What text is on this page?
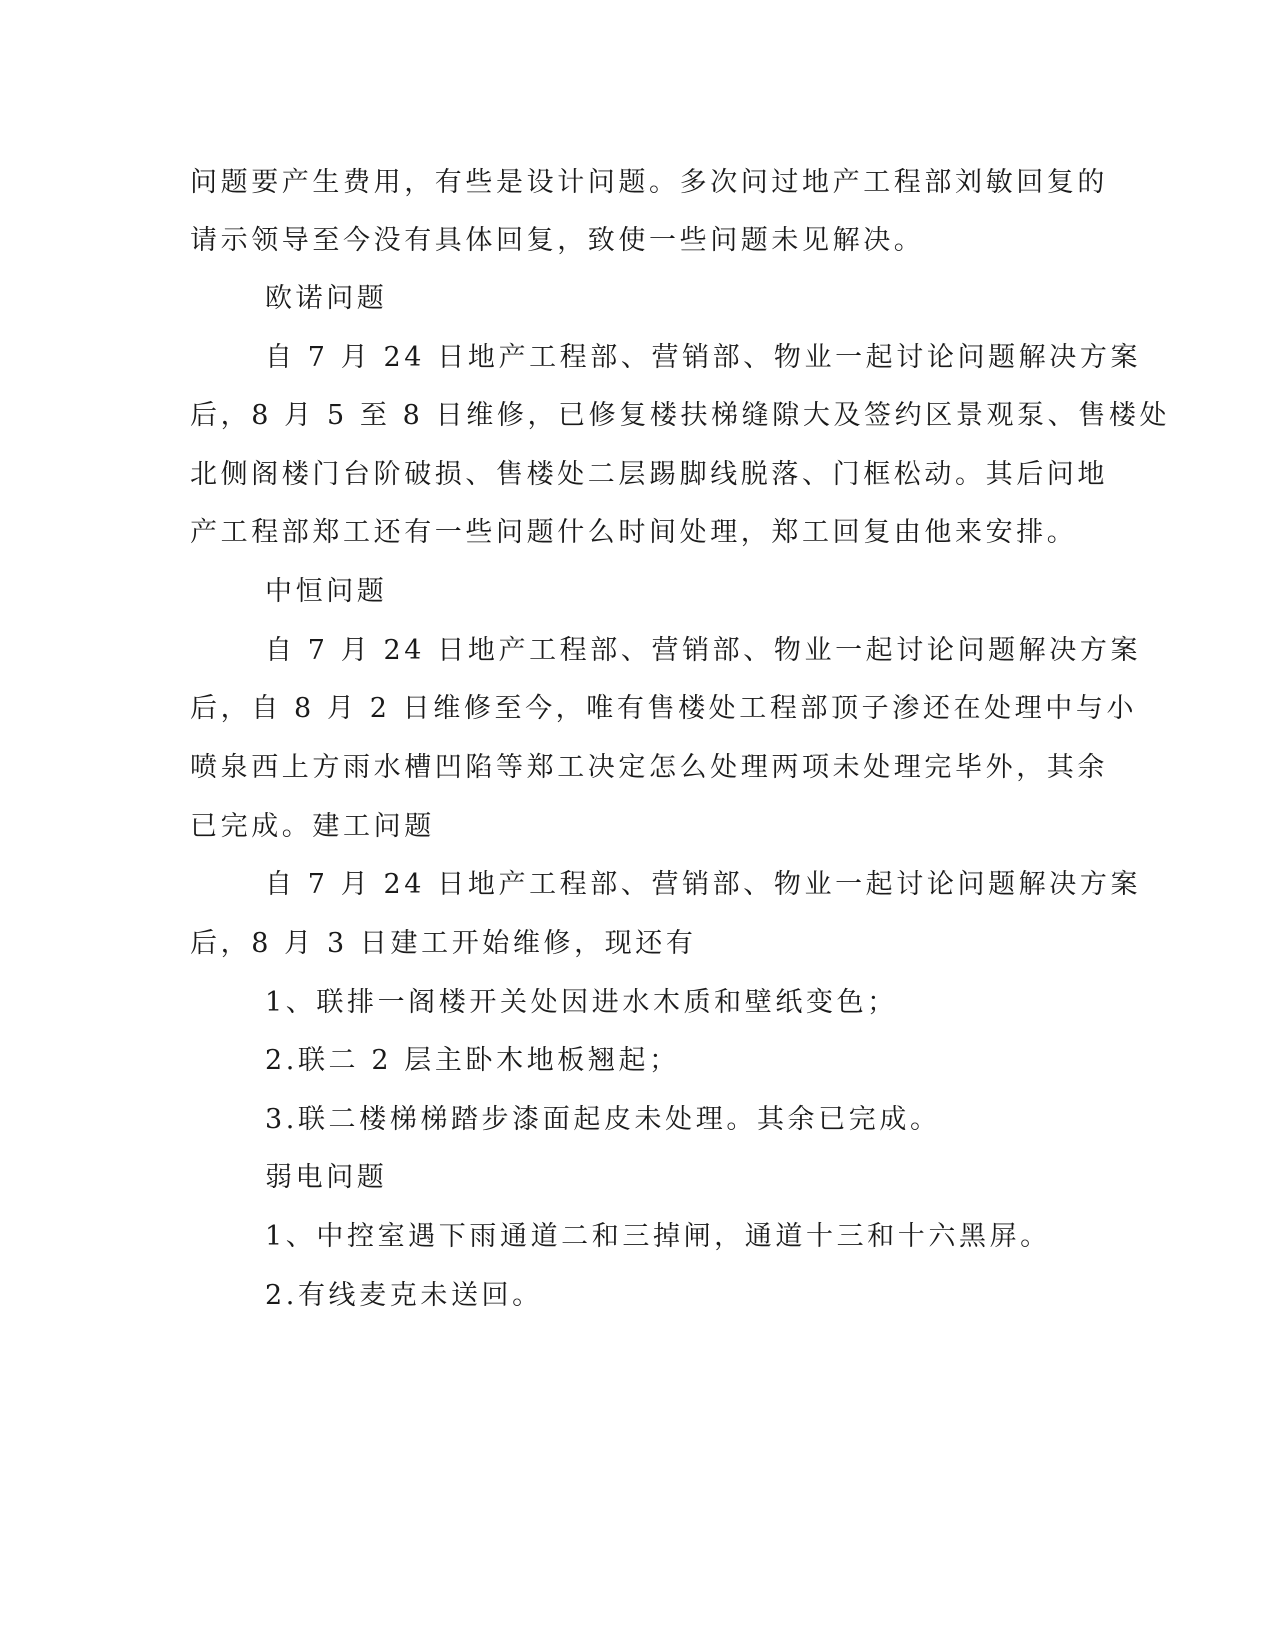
问题要产生费用，有些是设计问题。多次问过地产工程部刘敏回复的
请示领导至今没有具体回复，致使一些问题未见解决。
欧诺问题
自 7 月 24 日地产工程部、营销部、物业一起讨论问题解决方案
后，8 月 5 至 8 日维修，已修复楼扶梯缝隙大及签约区景观泵、售楼处
北侧阁楼门台阶破损、售楼处二层踢脚线脱落、门框松动。其后问地
产工程部郑工还有一些问题什么时间处理，郑工回复由他来安排。
中恒问题
自 7 月 24 日地产工程部、营销部、物业一起讨论问题解决方案
后，自 8 月 2 日维修至今，唯有售楼处工程部顶子渗还在处理中与小
喷泉西上方雨水槽凹陷等郑工决定怎么处理两项未处理完毕外，其余
已完成。建工问题
自 7 月 24 日地产工程部、营销部、物业一起讨论问题解决方案
后，8 月 3 日建工开始维修，现还有
1、联排一阁楼开关处因进水木质和壁纸变色；
2.联二 2 层主卧木地板翘起；
3.联二楼梯梯踏步漆面起皮未处理。其余已完成。
弱电问题
1、中控室遇下雨通道二和三掉闸，通道十三和十六黑屏。
2.有线麦克未送回。
